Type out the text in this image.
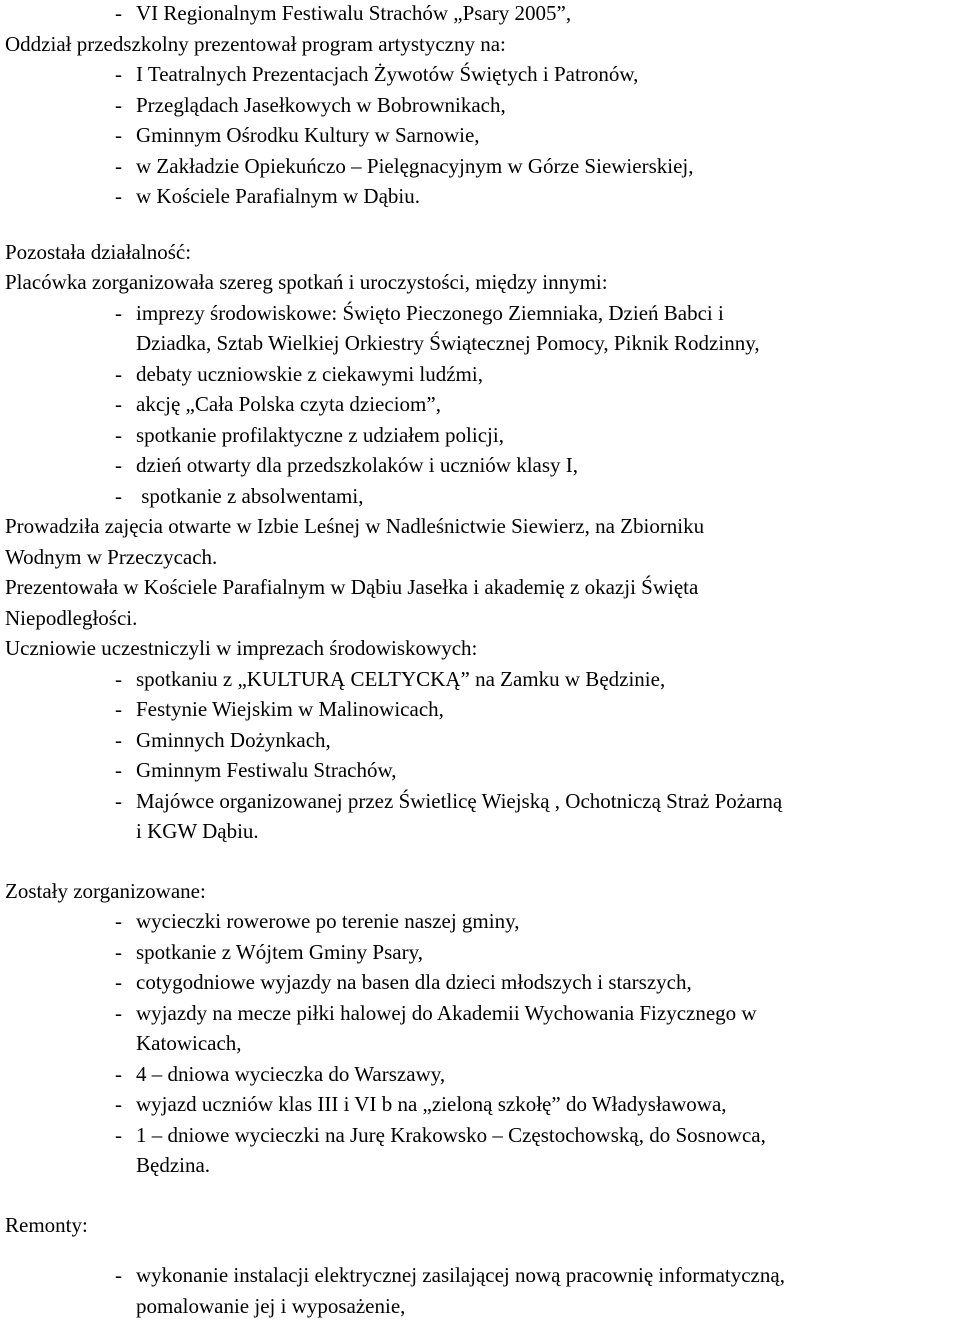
- VI Regionalnym Festiwalu Strachów „Psary 2005”,
Oddział przedszkolny prezentował program artystyczny na:
- I Teatralnych Prezentacjach Żywotów Świętych i Patronów,
- Przeglądach Jasełkowych w Bobrownikach,
- Gminnym Ośrodku Kultury w Sarnowie,
- w Zakładzie Opiekuńczo – Pielęgnacyjnym w Górze Siewierskiej,
- w Kościele Parafialnym w Dąbiu.
Pozostała działalność:
Placówka zorganizowała szereg spotkań i uroczystości, między innymi:
- imprezy środowiskowe: Święto Pieczonego Ziemniaka, Dzień Babci i
Dziadka, Sztab Wielkiej Orkiestry Świątecznej Pomocy, Piknik Rodzinny,
- debaty uczniowskie z ciekawymi ludźmi,
- akcję „Cała Polska czyta dzieciom”,
- spotkanie profilaktyczne z udziałem policji,
- dzień otwarty dla przedszkolaków i uczniów klasy I,
- spotkanie z absolwentami,
Prowadziła zajęcia otwarte w Izbie Leśnej w Nadleśnictwie Siewierz, na Zbiorniku
Wodnym w Przeczycach.
Prezentowała w Kościele Parafialnym w Dąbiu Jasełka i akademię z okazji Święta
Niepodległości.
Uczniowie uczestniczyli w imprezach środowiskowych:
- spotkaniu z „KULTURĄ CELTYCKĄ” na Zamku w Będzinie,
- Festynie Wiejskim w Malinowicach,
- Gminnych Dożynkach,
- Gminnym Festiwalu Strachów,
- Majówce organizowanej przez Świetlicę Wiejską , Ochotniczą Straż Pożarną
i KGW Dąbiu.
Zostały zorganizowane:
- wycieczki rowerowe po terenie naszej gminy,
- spotkanie z Wójtem Gminy Psary,
- cotygodniowe wyjazdy na basen dla dzieci młodszych i starszych,
- wyjazdy na mecze piłki halowej do Akademii Wychowania Fizycznego w
Katowicach,
- 4 – dniowa wycieczka do Warszawy,
- wyjazd uczniów klas III i VI b na „zieloną szkołę” do Władysławowa,
- 1 – dniowe wycieczki na Jurę Krakowsko – Częstochowską, do Sosnowca,
Będzina.
Remonty:
- wykonanie instalacji elektrycznej zasilającej nową pracownię informatyczną,
pomalowanie jej i wyposażenie,
